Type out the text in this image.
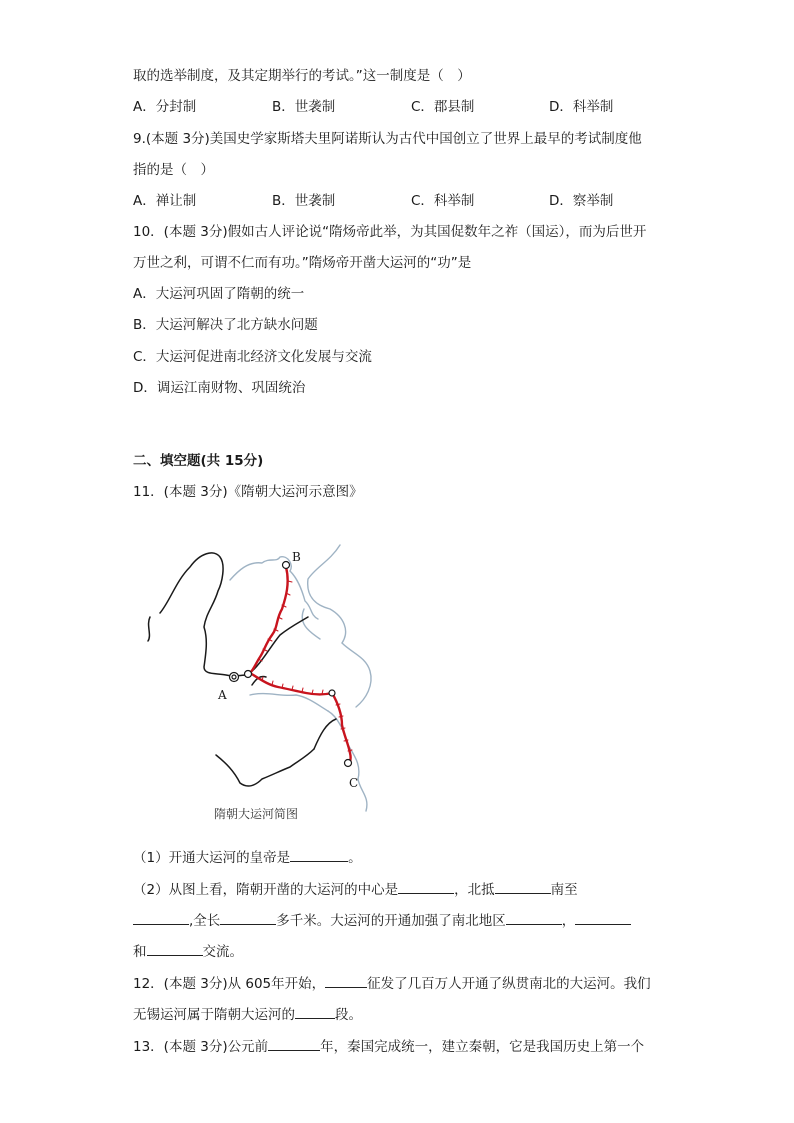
取的选举制度，及其定期举行的考试。”这一制度是（　）
A．分封制	B．世袭制	C．郡县制	D．科举制
9.(本题 3分)美国史学家斯塔夫里阿诺斯认为古代中国创立了世界上最早的考试制度他
指的是（　）
A．禅让制	B．世袭制	C．科举制	D．察举制
10．(本题 3分)假如古人评论说“隋炀帝此举，为其国促数年之祚（国运），而为后世开
万世之利，可谓不仁而有功。”隋炀帝开凿大运河的“功”是
A．大运河巩固了隋朝的统一
B．大运河解决了北方缺水问题
C．大运河促进南北经济文化发展与交流
D．调运江南财物、巩固统治
二、填空题(共 15分)
11．(本题 3分)《隋朝大运河示意图》
B
A
C
隋朝大运河简图
（1）开通大运河的皇帝是	。
（2）从图上看，隋朝开凿的大运河的中心是	，北抵	南至
,全长	多千米。大运河的开通加强了南北地区	，
和	交流。
12．(本题 3分)从 605年开始，	征发了几百万人开通了纵贯南北的大运河。我们
无锡运河属于隋朝大运河的	段。
13．(本题 3分)公元前	年，秦国完成统一，建立秦朝，它是我国历史上第一个
